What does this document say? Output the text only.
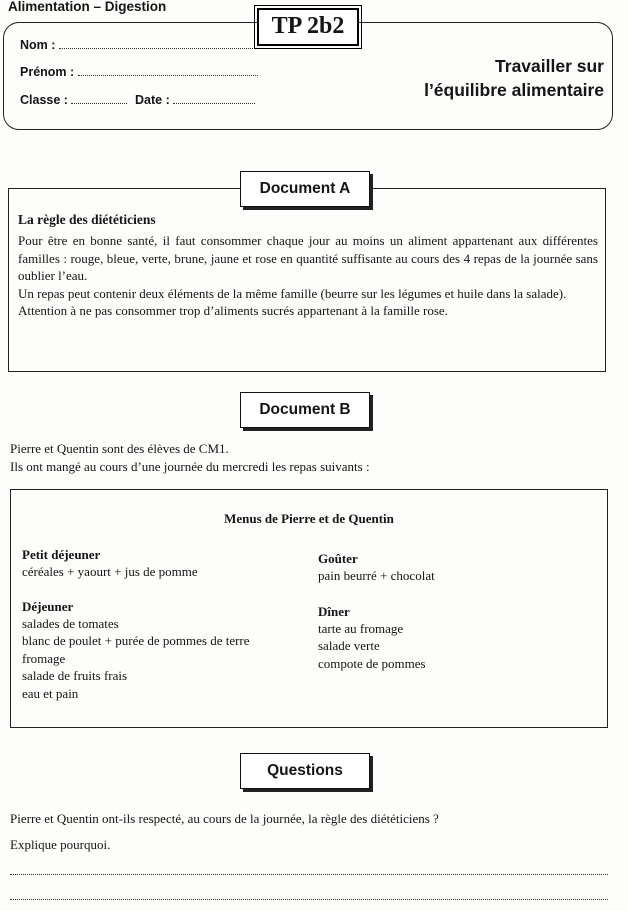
Alimentation – Digestion
Nom :
Prénom :
Classe :	Date :
TP 2b2
Travailler sur
l’équilibre alimentaire
La règle des diététiciens

Pour être en bonne santé, il faut consommer chaque jour au moins un aliment appartenant aux différentes familles : rouge, bleue, verte, brune, jaune et rose en quantité suffisante au cours des 4 repas de la journée sans oublier l’eau.

Un repas peut contenir deux éléments de la même famille (beurre sur les légumes et huile dans la salade).

Attention à ne pas consommer trop d’aliments sucrés appartenant à la famille rose.

Document A
Document B
Pierre et Quentin sont des élèves de CM1.
Ils ont mangé au cours d’une journée du mercredi les repas suivants :
Menus de Pierre et de Quentin
Petit déjeuner
céréales + yaourt + jus de pomme
Déjeuner
salades de tomates
blanc de poulet + purée de pommes de terre
fromage
salade de fruits frais
eau et pain
Goûter
pain beurré + chocolat
Dîner
tarte au fromage
salade verte
compote de pommes
Questions
Pierre et Quentin ont-ils respecté, au cours de la journée, la règle des diététiciens ?
Explique pourquoi.
